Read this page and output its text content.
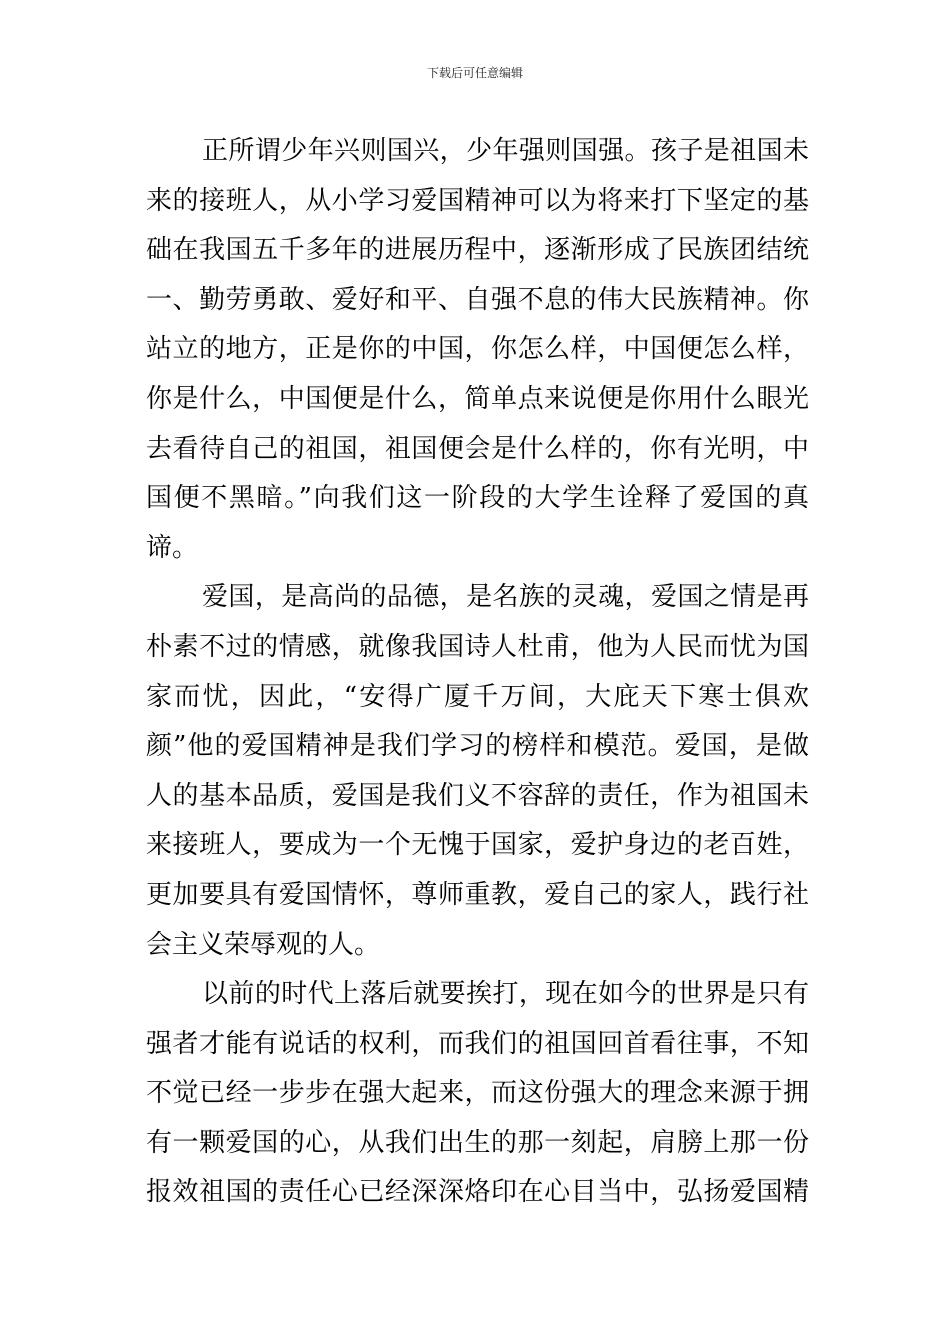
下载后可任意编辑
正所谓少年兴则国兴，少年强则国强。孩子是祖国未
来的接班人，从小学习爱国精神可以为将来打下坚定的基
础在我国五千多年的进展历程中，逐渐形成了民族团结统
一、勤劳勇敢、爱好和平、自强不息的伟大民族精神。你
站立的地方，正是你的中国，你怎么样，中国便怎么样，
你是什么，中国便是什么，简单点来说便是你用什么眼光
去看待自己的祖国，祖国便会是什么样的，你有光明，中
国便不黑暗。”向我们这一阶段的大学生诠释了爱国的真
谛。
爱国，是高尚的品德，是名族的灵魂，爱国之情是再
朴素不过的情感，就像我国诗人杜甫，他为人民而忧为国
家而忧，因此，“安得广厦千万间，大庇天下寒士俱欢
颜”他的爱国精神是我们学习的榜样和模范。爱国，是做
人的基本品质，爱国是我们义不容辞的责任，作为祖国未
来接班人，要成为一个无愧于国家，爱护身边的老百姓，
更加要具有爱国情怀，尊师重教，爱自己的家人，践行社
会主义荣辱观的人。
以前的时代上落后就要挨打，现在如今的世界是只有
强者才能有说话的权利，而我们的祖国回首看往事，不知
不觉已经一步步在强大起来，而这份强大的理念来源于拥
有一颗爱国的心，从我们出生的那一刻起，肩膀上那一份
报效祖国的责任心已经深深烙印在心目当中，弘扬爱国精
